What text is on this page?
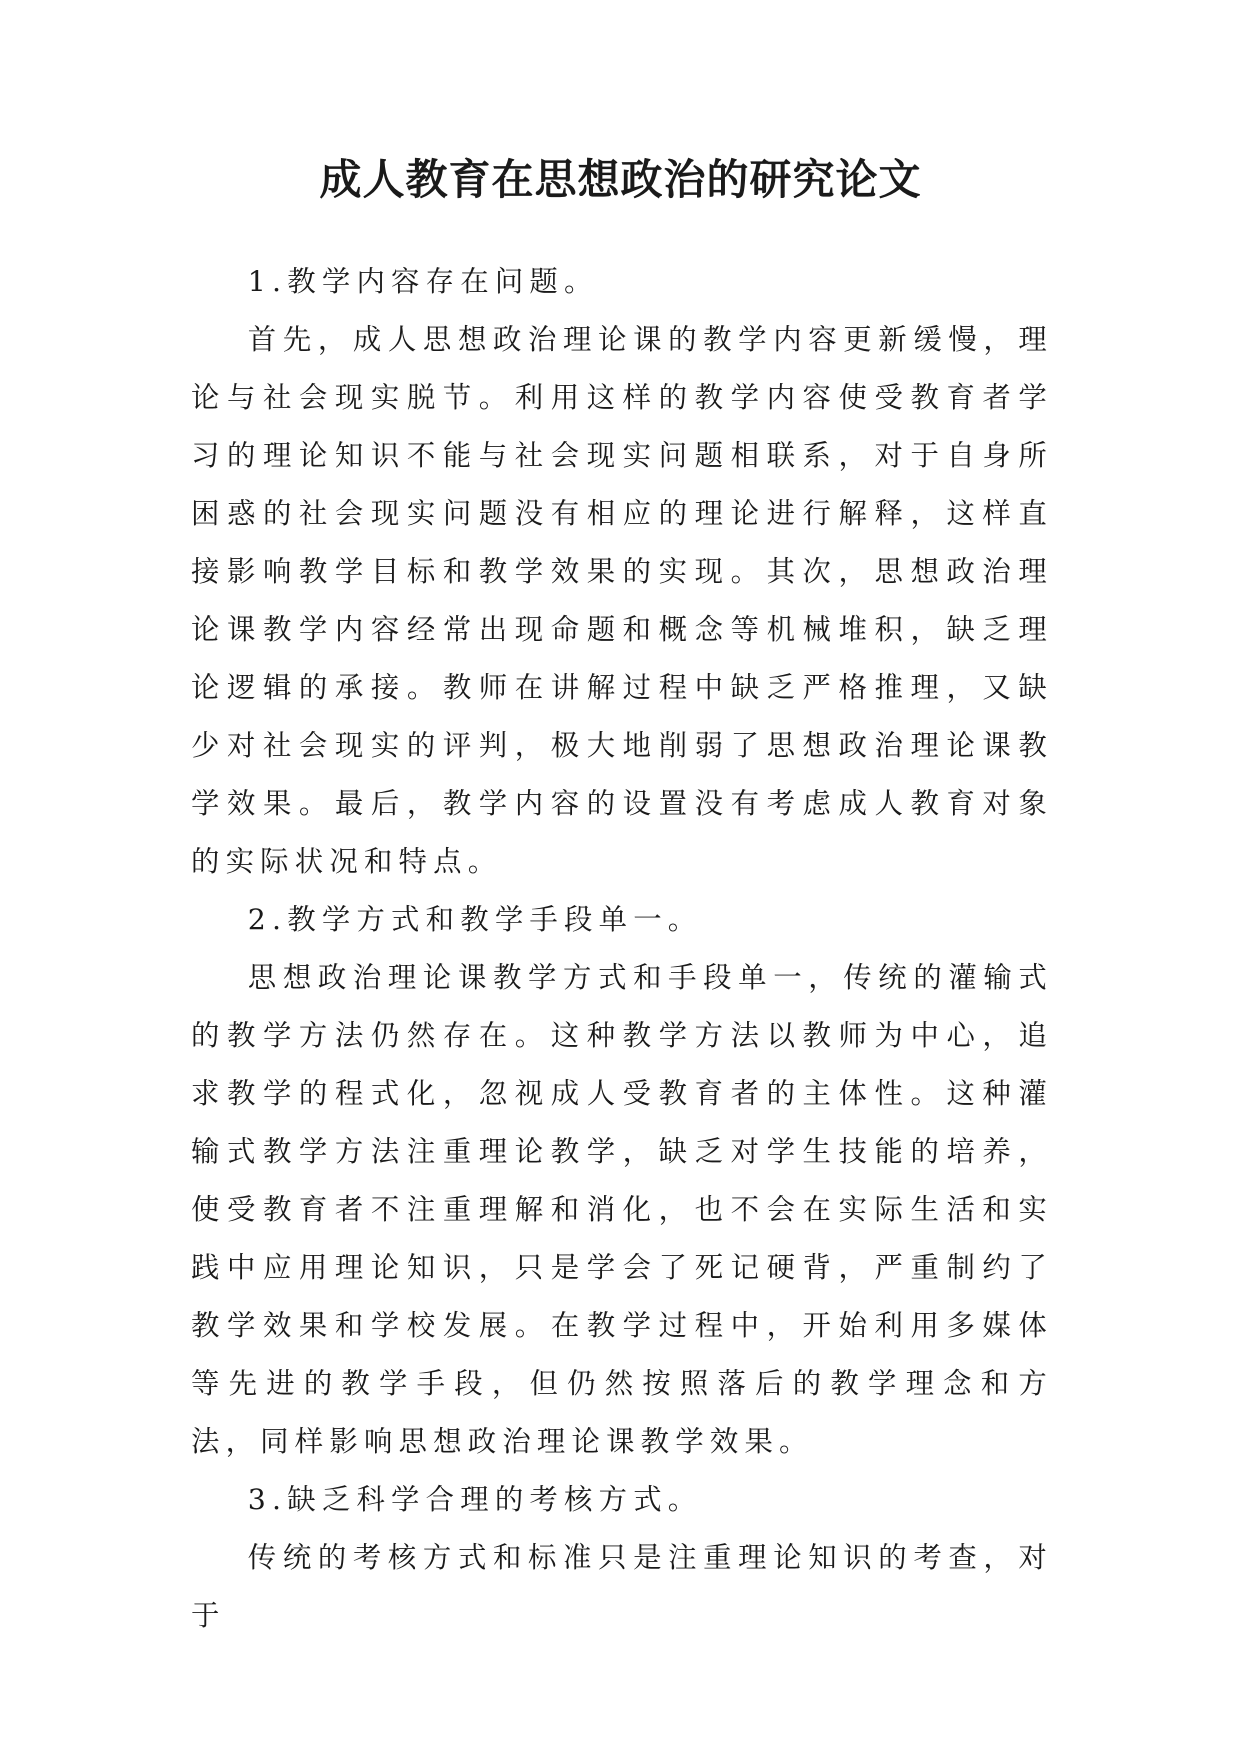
成人教育在思想政治的研究论文

1.教学内容存在问题。

首先，成人思想政治理论课的教学内容更新缓慢，理论与社会现实脱节。利用这样的教学内容使受教育者学习的理论知识不能与社会现实问题相联系，对于自身所困惑的社会现实问题没有相应的理论进行解释，这样直接影响教学目标和教学效果的实现。其次，思想政治理论课教学内容经常出现命题和概念等机械堆积，缺乏理论逻辑的承接。教师在讲解过程中缺乏严格推理，又缺少对社会现实的评判，极大地削弱了思想政治理论课教学效果。最后，教学内容的设置没有考虑成人教育对象的实际状况和特点。

2.教学方式和教学手段单一。

思想政治理论课教学方式和手段单一，传统的灌输式的教学方法仍然存在。这种教学方法以教师为中心，追求教学的程式化，忽视成人受教育者的主体性。这种灌输式教学方法注重理论教学，缺乏对学生技能的培养，使受教育者不注重理解和消化，也不会在实际生活和实践中应用理论知识，只是学会了死记硬背，严重制约了教学效果和学校发展。在教学过程中，开始利用多媒体等先进的教学手段，但仍然按照落后的教学理念和方法，同样影响思想政治理论课教学效果。

3.缺乏科学合理的考核方式。

传统的考核方式和标准只是注重理论知识的考查，对于
